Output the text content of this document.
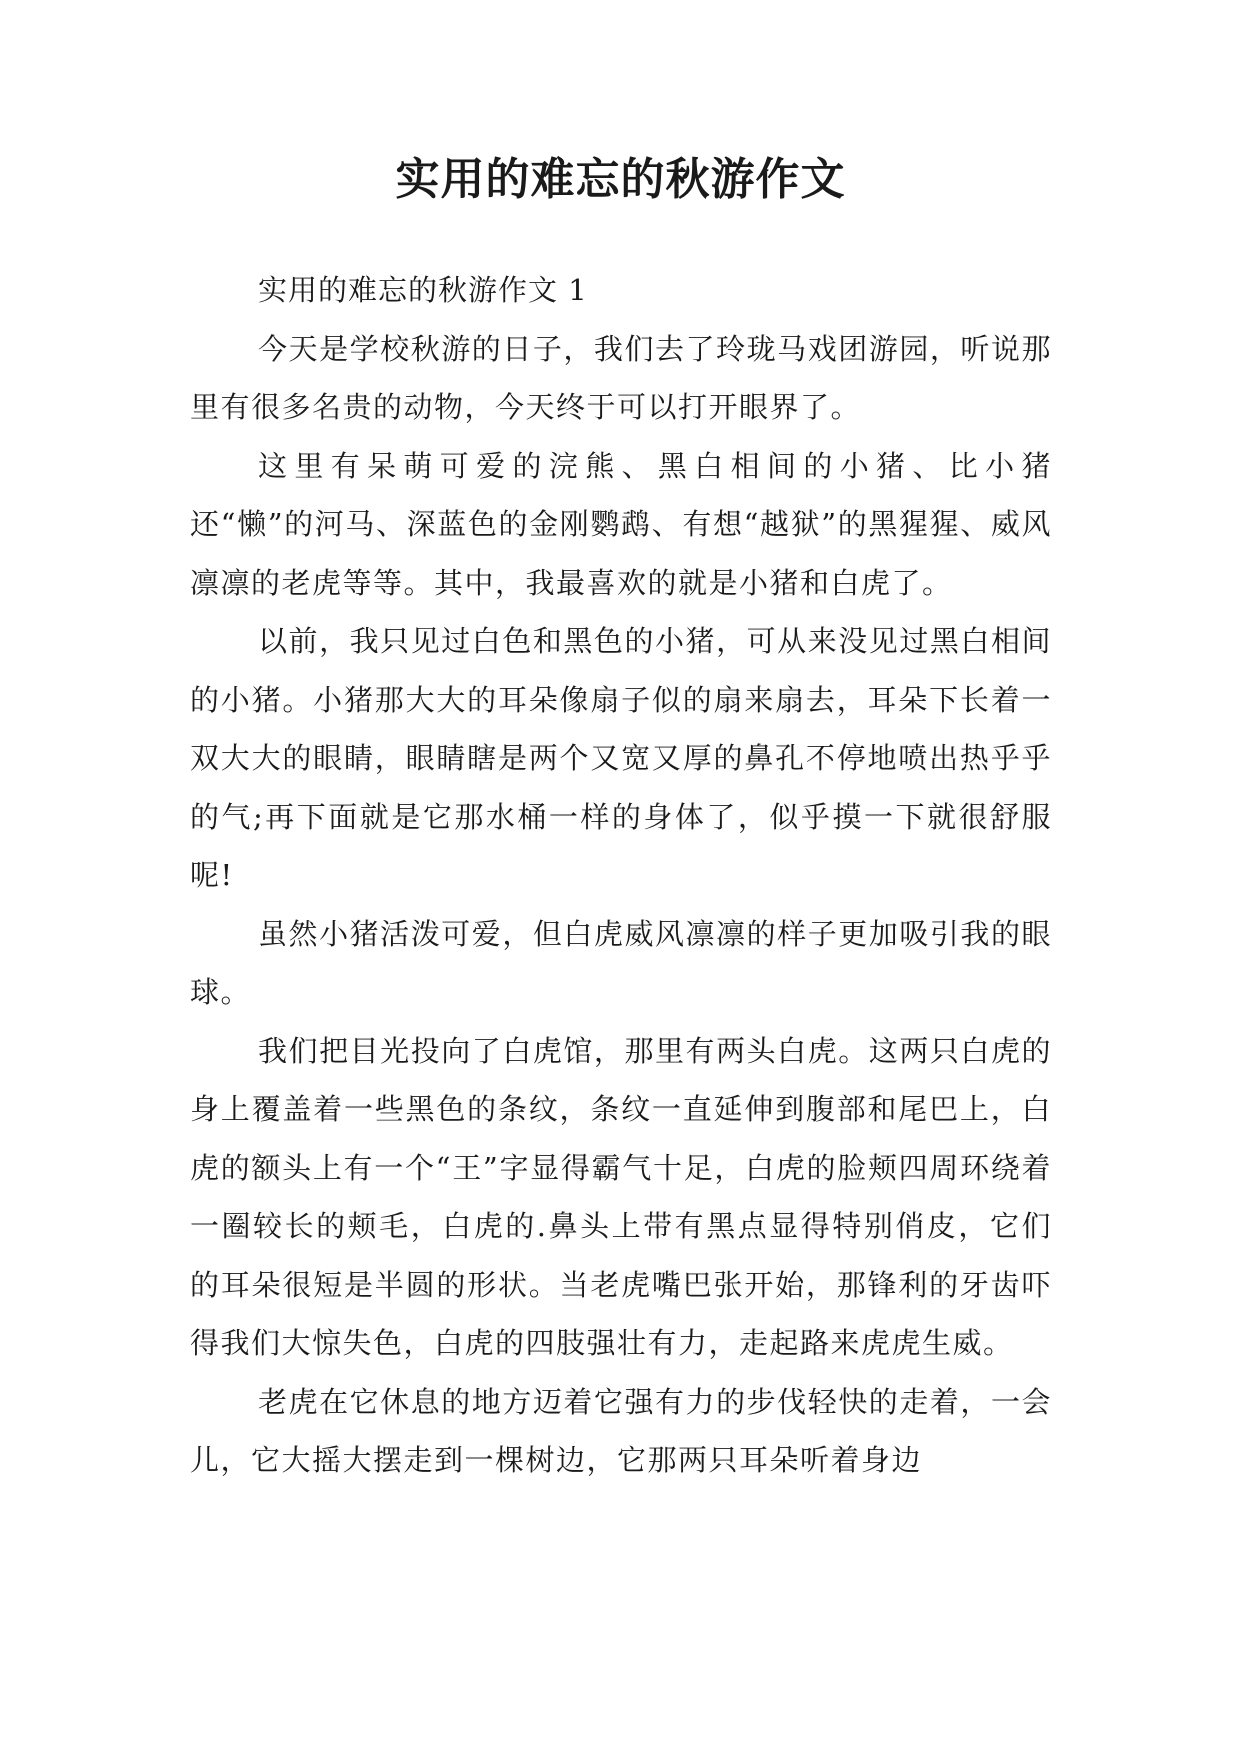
实用的难忘的秋游作文

实用的难忘的秋游作文 1

今天是学校秋游的日子，我们去了玲珑马戏团游园，听说那里有很多名贵的动物，今天终于可以打开眼界了。

这里有呆萌可爱的浣熊、黑白相间的小猪、比小猪还“懒”的河马、深蓝色的金刚鹦鹉、有想“越狱”的黑猩猩、威风凛凛的老虎等等。其中，我最喜欢的就是小猪和白虎了。

以前，我只见过白色和黑色的小猪，可从来没见过黑白相间的小猪。小猪那大大的耳朵像扇子似的扇来扇去，耳朵下长着一双大大的眼睛，眼睛瞎是两个又宽又厚的鼻孔不停地喷出热乎乎的气;再下面就是它那水桶一样的身体了，似乎摸一下就很舒服呢!

虽然小猪活泼可爱，但白虎威风凛凛的样子更加吸引我的眼球。

我们把目光投向了白虎馆，那里有两头白虎。这两只白虎的身上覆盖着一些黑色的条纹，条纹一直延伸到腹部和尾巴上，白虎的额头上有一个“王”字显得霸气十足，白虎的脸颊四周环绕着一圈较长的颊毛，白虎的.鼻头上带有黑点显得特别俏皮，它们的耳朵很短是半圆的形状。当老虎嘴巴张开始，那锋利的牙齿吓得我们大惊失色，白虎的四肢强壮有力，走起路来虎虎生威。

老虎在它休息的地方迈着它强有力的步伐轻快的走着，一会儿，它大摇大摆走到一棵树边，它那两只耳朵听着身边
